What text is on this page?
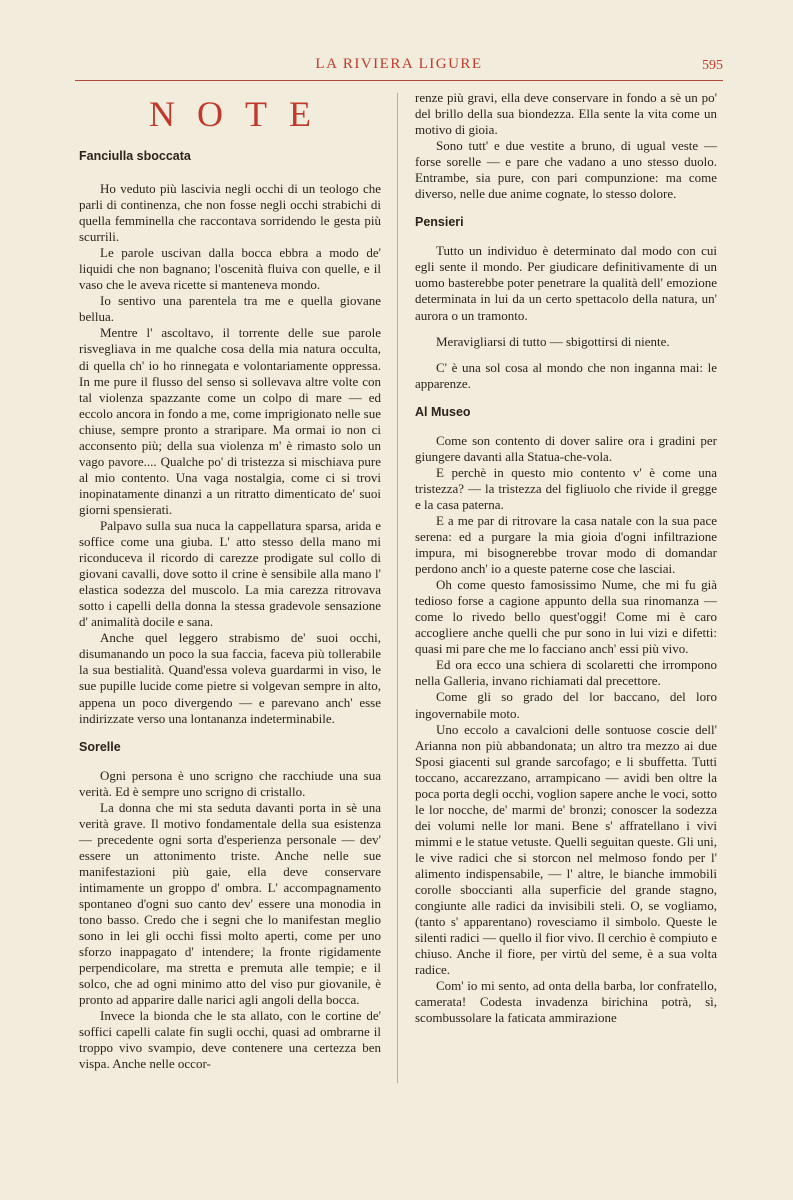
LA RIVIERA LIGURE	595
NOTE
Fanciulla sboccata

Ho veduto più lascivia negli occhi di un teologo che parli di continenza, che non fosse negli occhi strabichi di quella femminella che raccontava sorridendo le gesta più scurrili.

Le parole uscivan dalla bocca ebbra a modo de' liquidi che non bagnano; l'oscenità fluiva con quelle, e il vaso che le aveva ricette si manteneva mondo.

Io sentivo una parentela tra me e quella giovane bellua.

Mentre l' ascoltavo, il torrente delle sue parole risvegliava in me qualche cosa della mia natura occulta, di quella ch' io ho rinnegata e volontariamente oppressa. In me pure il flusso del senso si sollevava altre volte con tal violenza spazzante come un colpo di mare — ed eccolo ancora in fondo a me, come imprigionato nelle sue chiuse, sempre pronto a straripare. Ma ormai io non ci acconsento più; della sua violenza m' è rimasto solo un vago pavore.... Qualche po' di tristezza si mischiava pure al mio contento. Una vaga nostalgia, come ci si trovi inopinatamente dinanzi a un ritratto dimenticato de' suoi giorni spensierati.

Palpavo sulla sua nuca la cappellatura sparsa, arida e soffice come una giuba. L' atto stesso della mano mi riconduceva il ricordo di carezze prodigate sul collo di giovani cavalli, dove sotto il crine è sensibile alla mano l' elastica sodezza del muscolo. La mia carezza ritrovava sotto i capelli della donna la stessa gradevole sensazione d' animalità docile e sana.

Anche quel leggero strabismo de' suoi occhi, disumanando un poco la sua faccia, faceva più tollerabile la sua bestialità. Quand'essa voleva guardarmi in viso, le sue pupille lucide come pietre si volgevan sempre in alto, appena un poco divergendo — e parevano anch' esse indirizzate verso una lontananza indeterminabile.

Sorelle

Ogni persona è uno scrigno che racchiude una sua verità. Ed è sempre uno scrigno di cristallo.

La donna che mi sta seduta davanti porta in sè una verità grave. Il motivo fondamentale della sua esistenza — precedente ogni sorta d'esperienza personale — dev' essere un attonimento triste. Anche nelle sue manifestazioni più gaie, ella deve conservare intimamente un groppo d' ombra. L' accompagnamento spontaneo d'ogni suo canto dev' essere una monodia in tono basso. Credo che i segni che lo manifestan meglio sono in lei gli occhi fissi molto aperti, come per uno sforzo inappagato d' intendere; la fronte rigidamente perpendicolare, ma stretta e premuta alle tempie; e il solco, che ad ogni minimo atto del viso pur giovanile, è pronto ad apparire dalle narici agli angoli della bocca.

Invece la bionda che le sta allato, con le cortine de' soffici capelli calate fin sugli occhi, quasi ad ombrarne il troppo vivo svampio, deve contenere una certezza ben vispa. Anche nelle occor-

renze più gravi, ella deve conservare in fondo a sè un po' del brillo della sua biondezza. Ella sente la vita come un motivo di gioia.

Sono tutt' e due vestite a bruno, di ugual veste — forse sorelle — e pare che vadano a uno stesso duolo. Entrambe, sia pure, con pari compunzione: ma come diverso, nelle due anime cognate, lo stesso dolore.

Pensieri

Tutto un individuo è determinato dal modo con cui egli sente il mondo. Per giudicare definitivamente di un uomo basterebbe poter penetrare la qualità dell' emozione determinata in lui da un certo spettacolo della natura, un' aurora o un tramonto.

Meravigliarsi di tutto — sbigottirsi di niente.

C' è una sol cosa al mondo che non inganna mai: le apparenze.

Al Museo

Come son contento di dover salire ora i gradini per giungere davanti alla Statua-che-vola.

E perchè in questo mio contento v' è come una tristezza? — la tristezza del figliuolo che rivide il gregge e la casa paterna.

E a me par di ritrovare la casa natale con la sua pace serena: ed a purgare la mia gioia d'ogni infiltrazione impura, mi bisognerebbe trovar modo di domandar perdono anch' io a queste paterne cose che lasciai.

Oh come questo famosissimo Nume, che mi fu già tedioso forse a cagione appunto della sua rinomanza — come lo rivedo bello quest'oggi! Come mi è caro accogliere anche quelli che pur sono in lui vizi e difetti: quasi mi pare che me lo facciano anch' essi più vivo.

Ed ora ecco una schiera di scolaretti che irrompono nella Galleria, invano richiamati dal precettore.

Come gli so grado del lor baccano, del loro ingovernabile moto.

Uno eccolo a cavalcioni delle sontuose coscie dell' Arianna non più abbandonata; un altro tra mezzo ai due Sposi giacenti sul grande sarcofago; e li sbuffetta. Tutti toccano, accarezzano, arrampicano — avidi ben oltre la poca porta degli occhi, voglion sapere anche le voci, sotto le lor nocche, de' marmi de' bronzi; conoscer la sodezza dei volumi nelle lor mani. Bene s' affratellano i vivi mimmi e le statue vetuste. Quelli seguitan queste. Gli uni, le vive radici che si storcon nel melmoso fondo per l' alimento indispensabile, — l' altre, le bianche immobili corolle sboccianti alla superficie del grande stagno, congiunte alle radici da invisibili steli. O, se vogliamo, (tanto s' apparentano) rovesciamo il simbolo. Queste le silenti radici — quello il fior vivo. Il cerchio è compiuto e chiuso. Anche il fiore, per virtù del seme, è a sua volta radice.

Com' io mi sento, ad onta della barba, lor confratello, camerata! Codesta invadenza birichina potrà, sì, scombussolare la faticata ammirazione
